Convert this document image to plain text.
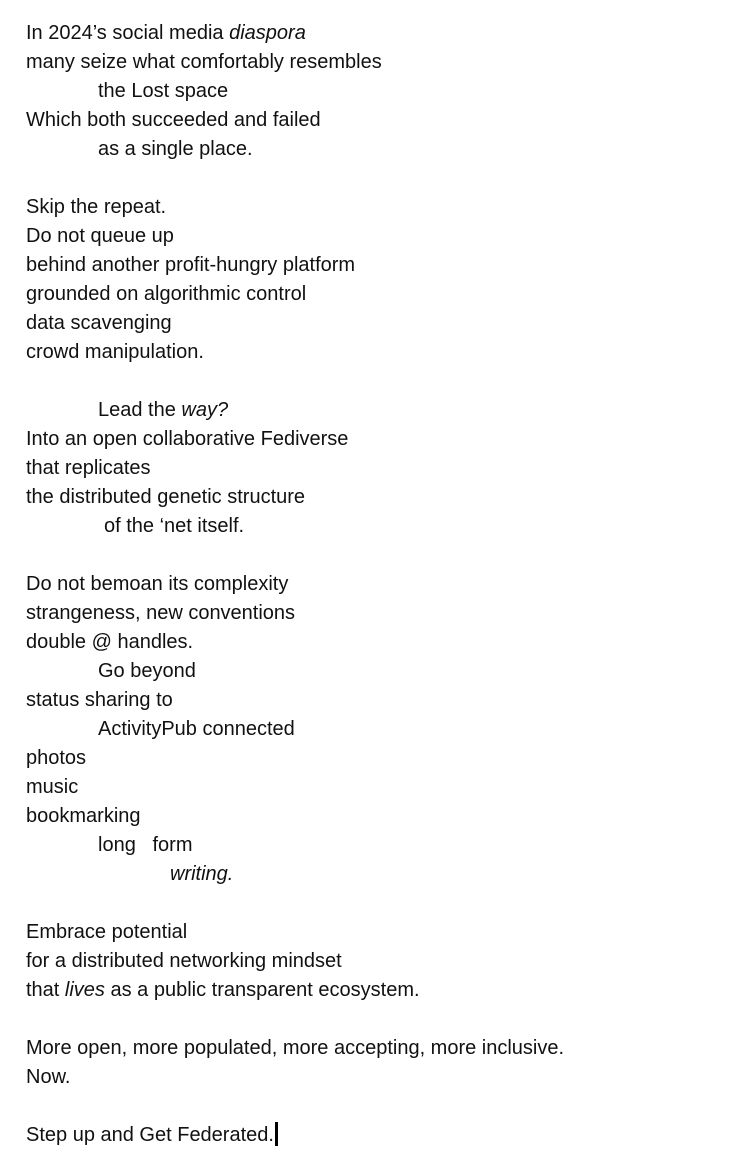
In 2024’s social media diaspora
many seize what comfortably resembles
the Lost space
Which both succeeded and failed
as a single place.
Skip the repeat.
Do not queue up
behind another profit-hungry platform
grounded on algorithmic control
data scavenging
crowd manipulation.
Lead the way?
Into an open collaborative Fediverse
that replicates
the distributed genetic structure
of the ‘net itself.
Do not bemoan its complexity
strangeness, new conventions
double @ handles.
Go beyond
status sharing to
ActivityPub connected
photos
music
bookmarking
long   form
writing.
Embrace potential
for a distributed networking mindset
that lives as a public transparent ecosystem.
More open, more populated, more accepting, more inclusive.
Now.
Step up and Get Federated.
